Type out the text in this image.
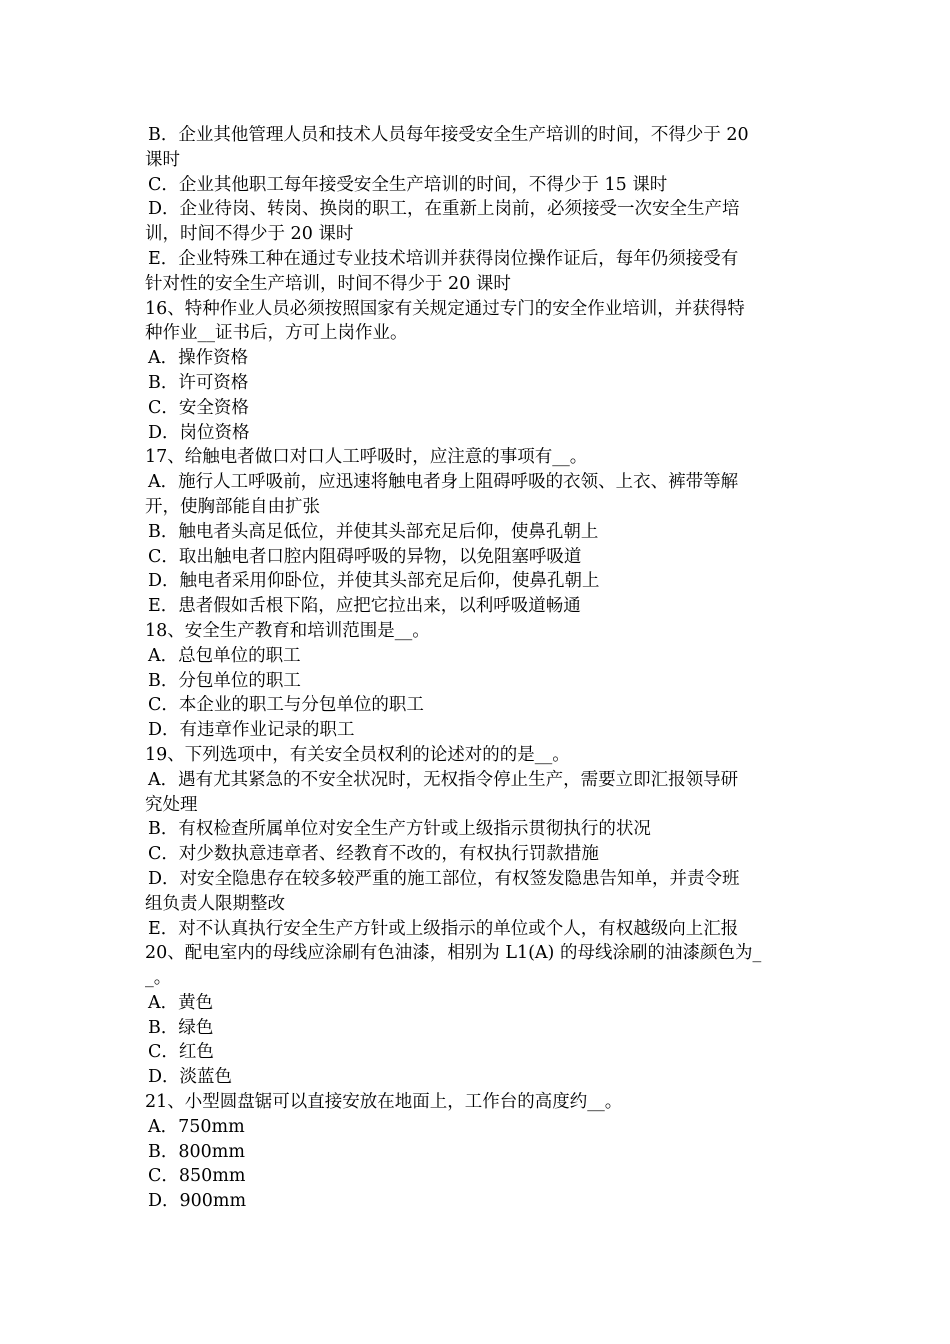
B．企业其他管理人员和技术人员每年接受安全生产培训的时间，不得少于 20
课时
C．企业其他职工每年接受安全生产培训的时间，不得少于 15 课时
D．企业待岗、转岗、换岗的职工，在重新上岗前，必须接受一次安全生产培
训，时间不得少于 20 课时
E．企业特殊工种在通过专业技术培训并获得岗位操作证后，每年仍须接受有
针对性的安全生产培训，时间不得少于 20 课时
16、特种作业人员必须按照国家有关规定通过专门的安全作业培训，并获得特
种作业__证书后，方可上岗作业。
A．操作资格
B．许可资格
C．安全资格
D．岗位资格
17、给触电者做口对口人工呼吸时，应注意的事项有__。
A．施行人工呼吸前，应迅速将触电者身上阻碍呼吸的衣领、上衣、裤带等解
开，使胸部能自由扩张
B．触电者头高足低位，并使其头部充足后仰，使鼻孔朝上
C．取出触电者口腔内阻碍呼吸的异物，以免阻塞呼吸道
D．触电者采用仰卧位，并使其头部充足后仰，使鼻孔朝上
E．患者假如舌根下陷，应把它拉出来，以利呼吸道畅通
18、安全生产教育和培训范围是__。
A．总包单位的职工
B．分包单位的职工
C．本企业的职工与分包单位的职工
D．有违章作业记录的职工
19、下列选项中，有关安全员权利的论述对的的是__。
A．遇有尤其紧急的不安全状况时，无权指令停止生产，需要立即汇报领导研
究处理
B．有权检查所属单位对安全生产方针或上级指示贯彻执行的状况
C．对少数执意违章者、经教育不改的，有权执行罚款措施
D．对安全隐患存在较多较严重的施工部位，有权签发隐患告知单，并责令班
组负责人限期整改
E．对不认真执行安全生产方针或上级指示的单位或个人，有权越级向上汇报
20、配电室内的母线应涂刷有色油漆，相别为 L1(A) 的母线涂刷的油漆颜色为_
_。
A．黄色
B．绿色
C．红色
D．淡蓝色
21、小型圆盘锯可以直接安放在地面上，工作台的高度约__。
A．750mm
B．800mm
C．850mm
D．900mm
